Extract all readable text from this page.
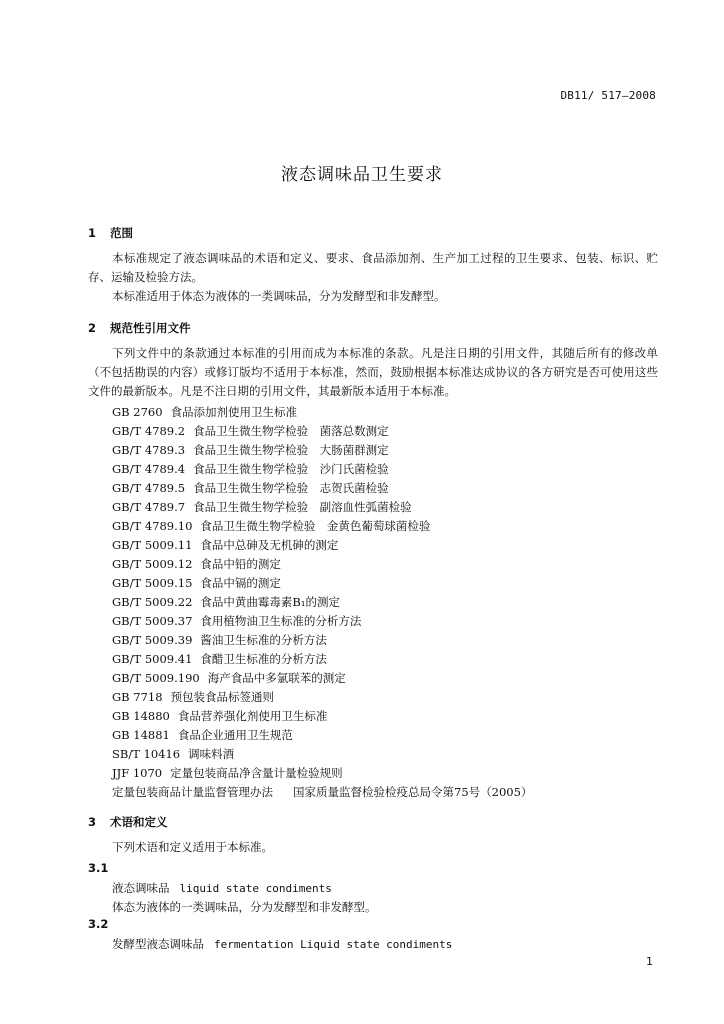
DB11/ 517—2008
液态调味品卫生要求
1 范围
本标准规定了液态调味品的术语和定义、要求、食品添加剂、生产加工过程的卫生要求、包装、标识、贮存、运输及检验方法。
本标准适用于体态为液体的一类调味品，分为发酵型和非发酵型。
2 规范性引用文件
下列文件中的条款通过本标准的引用而成为本标准的条款。凡是注日期的引用文件，其随后所有的修改单（不包括勘误的内容）或修订版均不适用于本标准，然而，鼓励根据本标准达成协议的各方研究是否可使用这些文件的最新版本。凡是不注日期的引用文件，其最新版本适用于本标准。
GB 2760 食品添加剂使用卫生标准
GB/T 4789.2 食品卫生微生物学检验　菌落总数测定
GB/T 4789.3 食品卫生微生物学检验　大肠菌群测定
GB/T 4789.4 食品卫生微生物学检验　沙门氏菌检验
GB/T 4789.5 食品卫生微生物学检验　志贺氏菌检验
GB/T 4789.7 食品卫生微生物学检验　副溶血性弧菌检验
GB/T 4789.10 食品卫生微生物学检验　金黄色葡萄球菌检验
GB/T 5009.11 食品中总砷及无机砷的测定
GB/T 5009.12 食品中铅的测定
GB/T 5009.15 食品中镉的测定
GB/T 5009.22 食品中黄曲霉毒素B₁的测定
GB/T 5009.37 食用植物油卫生标准的分析方法
GB/T 5009.39 酱油卫生标准的分析方法
GB/T 5009.41 食醋卫生标准的分析方法
GB/T 5009.190 海产食品中多氯联苯的测定
GB 7718 预包装食品标签通则
GB 14880 食品营养强化剂使用卫生标准
GB 14881 食品企业通用卫生规范
SB/T 10416 调味料酒
JJF 1070 定量包装商品净含量计量检验规则
定量包装商品计量监督管理办法 国家质量监督检验检疫总局令第75号（2005）
3 术语和定义
下列术语和定义适用于本标准。
3.1
液态调味品 liquid state condiments
体态为液体的一类调味品，分为发酵型和非发酵型。
3.2
发酵型液态调味品 fermentation Liquid state condiments
1
